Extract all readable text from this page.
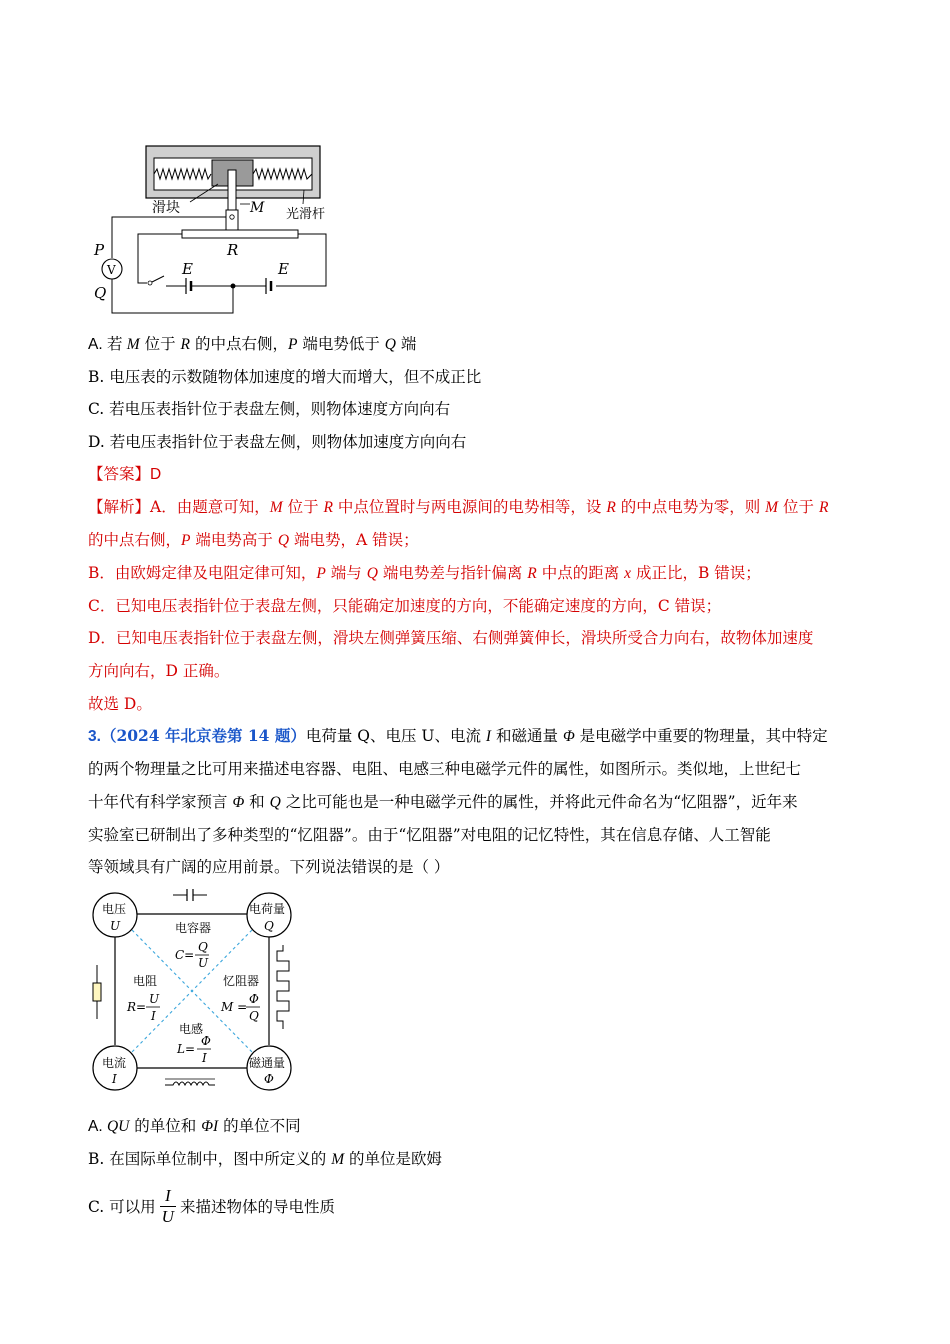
滑块	M 光滑杆
R
E	E
V
P
Q
A. 若 M 位于 R 的中点右侧，P 端电势低于 Q 端
B. 电压表的示数随物体加速度的增大而增大，但不成正比
C. 若电压表指针位于表盘左侧，则物体速度方向向右
D. 若电压表指针位于表盘左侧，则物体加速度方向向右
【答案】D
【解析】A．由题意可知，M 位于 R 中点位置时与两电源间的电势相等，设 R 的中点电势为零，则 M 位于 R
的中点右侧，P 端电势高于 Q 端电势，A 错误；
B．由欧姆定律及电阻定律可知，P 端与 Q 端电势差与指针偏离 R 中点的距离 x 成正比，B 错误；
C．已知电压表指针位于表盘左侧，只能确定加速度的方向，不能确定速度的方向，C 错误；
D．已知电压表指针位于表盘左侧，滑块左侧弹簧压缩、右侧弹簧伸长，滑块所受合力向右，故物体加速度
方向向右，D 正确。
故选 D。
3.（2024 年北京卷第 14 题）电荷量 Q、电压 U、电流 I 和磁通量 Φ 是电磁学中重要的物理量，其中特定
的两个物理量之比可用来描述电容器、电阻、电感三种电磁学元件的属性，如图所示。类似地，上世纪七
十年代有科学家预言 Φ 和 Q 之比可能也是一种电磁学元件的属性，并将此元件命名为“忆阻器”，近年来
实验室已研制出了多种类型的“忆阻器”。由于“忆阻器”对电阻的记忆特性，其在信息存储、人工智能
等领域具有广阔的应用前景。下列说法错误的是（ ）
电压
U
电荷量
Q
电流
I
磁通量
Φ
电容器
C=
Q
U
电阻
R=
U
I
忆阻器
M =
Φ
Q
电感
L=
Φ
I
A. QU 的单位和 ΦI 的单位不同
B. 在国际单位制中，图中所定义的 M 的单位是欧姆
C. 可以用
I
U 来描述物体的导电性质
